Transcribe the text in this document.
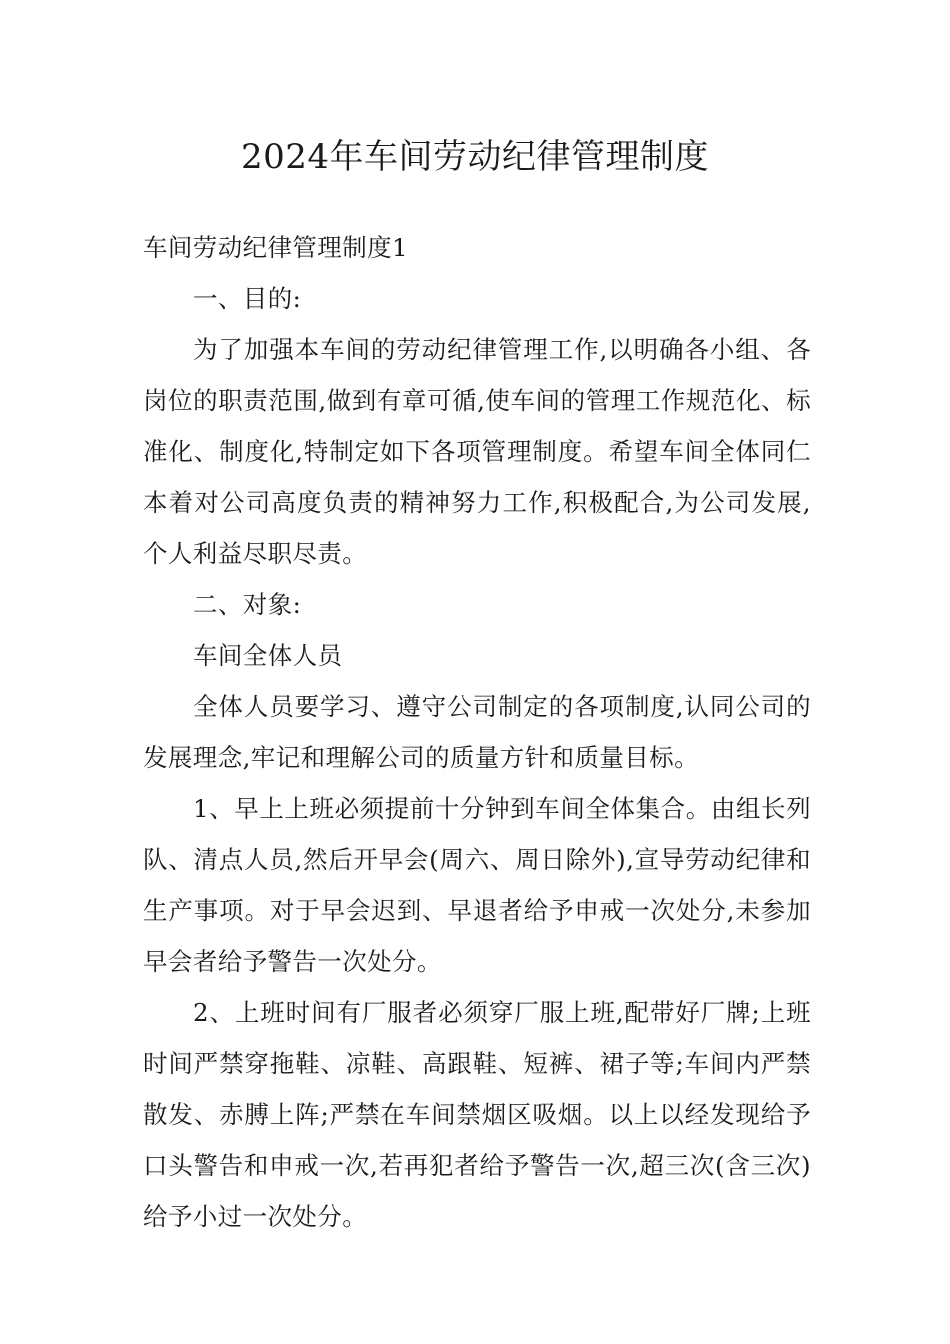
2024年车间劳动纪律管理制度

车间劳动纪律管理制度1

一、目的:

为了加强本车间的劳动纪律管理工作,以明确各小组、各岗位的职责范围,做到有章可循,使车间的管理工作规范化、标准化、制度化,特制定如下各项管理制度。希望车间全体同仁本着对公司高度负责的精神努力工作,积极配合,为公司发展,个人利益尽职尽责。

二、对象:

车间全体人员

全体人员要学习、遵守公司制定的各项制度,认同公司的发展理念,牢记和理解公司的质量方针和质量目标。

1、早上上班必须提前十分钟到车间全体集合。由组长列队、清点人员,然后开早会(周六、周日除外),宣导劳动纪律和生产事项。对于早会迟到、早退者给予申戒一次处分,未参加早会者给予警告一次处分。

2、上班时间有厂服者必须穿厂服上班,配带好厂牌;上班时间严禁穿拖鞋、凉鞋、高跟鞋、短裤、裙子等;车间内严禁散发、赤膊上阵;严禁在车间禁烟区吸烟。以上以经发现给予口头警告和申戒一次,若再犯者给予警告一次,超三次(含三次)给予小过一次处分。
